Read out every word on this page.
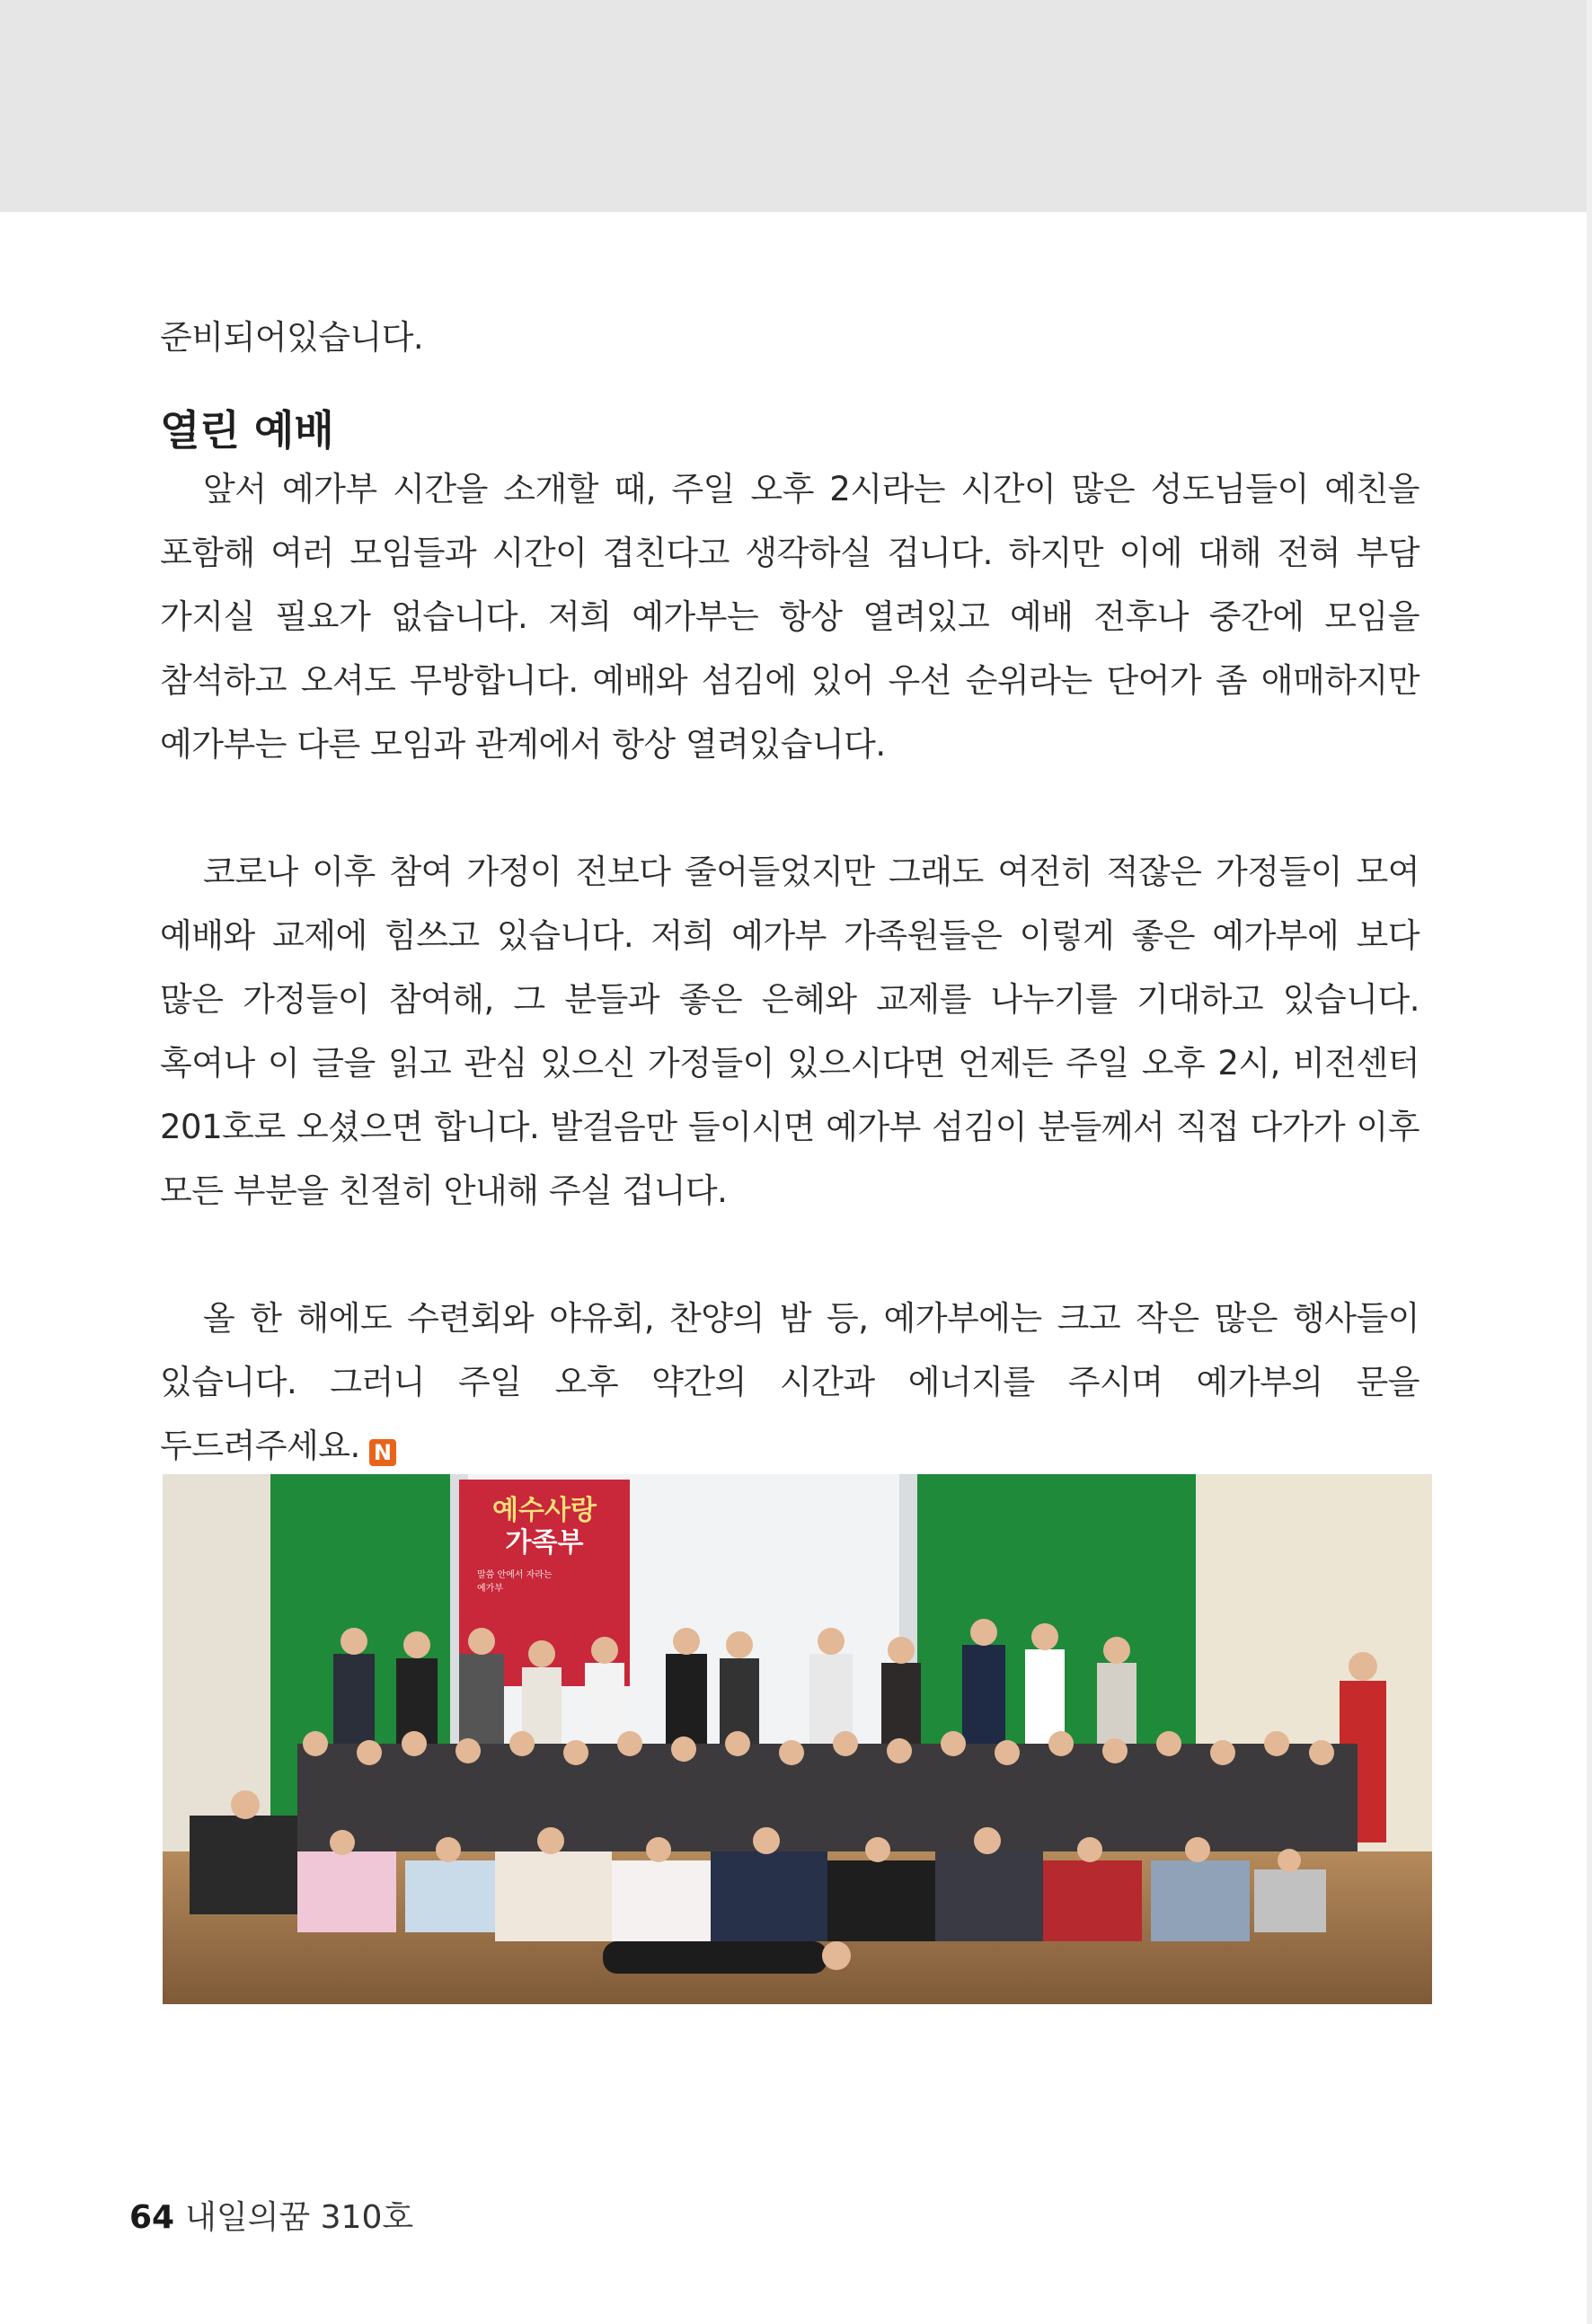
준비되어있습니다.

열린 예배

앞서 예가부 시간을 소개할 때, 주일 오후 2시라는 시간이 많은 성도님들이 예친을 포함해 여러 모임들과 시간이 겹친다고 생각하실 겁니다. 하지만 이에 대해 전혀 부담 가지실 필요가 없습니다. 저희 예가부는 항상 열려있고 예배 전후나 중간에 모임을 참석하고 오셔도 무방합니다. 예배와 섬김에 있어 우선 순위라는 단어가 좀 애매하지만 예가부는 다른 모임과 관계에서 항상 열려있습니다.

코로나 이후 참여 가정이 전보다 줄어들었지만 그래도 여전히 적잖은 가정들이 모여 예배와 교제에 힘쓰고 있습니다. 저희 예가부 가족원들은 이렇게 좋은 예가부에 보다 많은 가정들이 참여해, 그 분들과 좋은 은혜와 교제를 나누기를 기대하고 있습니다. 혹여나 이 글을 읽고 관심 있으신 가정들이 있으시다면 언제든 주일 오후 2시, 비전센터 201호로 오셨으면 합니다. 발걸음만 들이시면 예가부 섬김이 분들께서 직접 다가가 이후 모든 부분을 친절히 안내해 주실 겁니다.

올 한 해에도 수련회와 야유회, 찬양의 밤 등, 예가부에는 크고 작은 많은 행사들이 있습니다. 그러니 주일 오후 약간의 시간과 에너지를 주시며 예가부의 문을 두드려주세요. N

예수사랑
가족부
말씀 안에서 자라는
예가부
64 내일의꿈 310호
